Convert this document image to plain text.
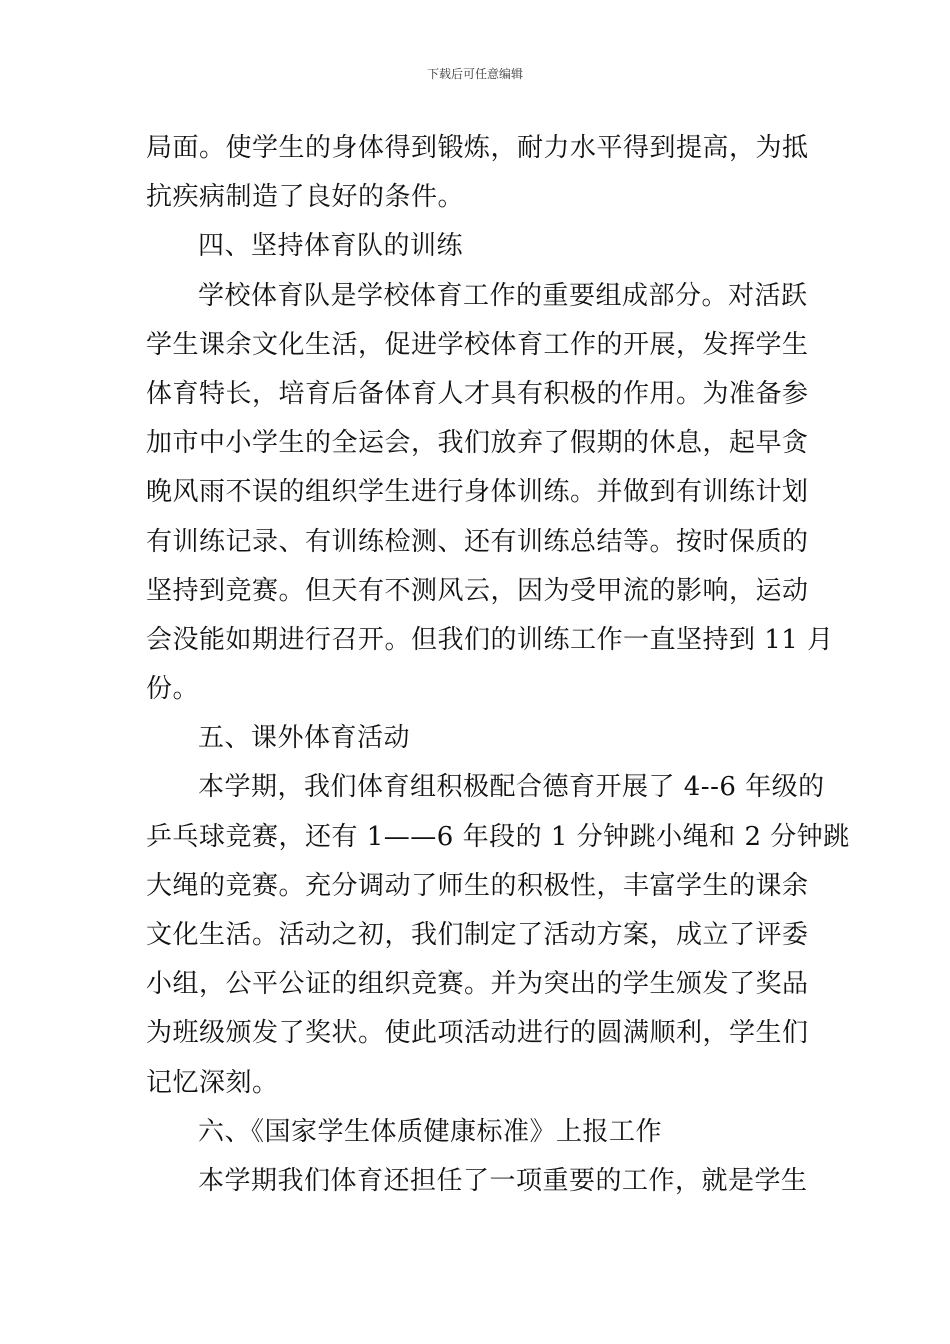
下载后可任意编辑
局面。使学生的身体得到锻炼，耐力水平得到提高，为抵
抗疾病制造了良好的条件。
四、坚持体育队的训练
学校体育队是学校体育工作的重要组成部分。对活跃
学生课余文化生活，促进学校体育工作的开展，发挥学生
体育特长，培育后备体育人才具有积极的作用。为准备参
加市中小学生的全运会，我们放弃了假期的休息，起早贪
晚风雨不误的组织学生进行身体训练。并做到有训练计划
有训练记录、有训练检测、还有训练总结等。按时保质的
坚持到竞赛。但天有不测风云，因为受甲流的影响，运动
会没能如期进行召开。但我们的训练工作一直坚持到 11 月
份。
五、课外体育活动
本学期，我们体育组积极配合德育开展了 4--6 年级的
乒乓球竞赛，还有 1——6 年段的 1 分钟跳小绳和 2 分钟跳
大绳的竞赛。充分调动了师生的积极性，丰富学生的课余
文化生活。活动之初，我们制定了活动方案，成立了评委
小组，公平公证的组织竞赛。并为突出的学生颁发了奖品
为班级颁发了奖状。使此项活动进行的圆满顺利，学生们
记忆深刻。
六、《国家学生体质健康标准》上报工作
本学期我们体育还担任了一项重要的工作，就是学生
